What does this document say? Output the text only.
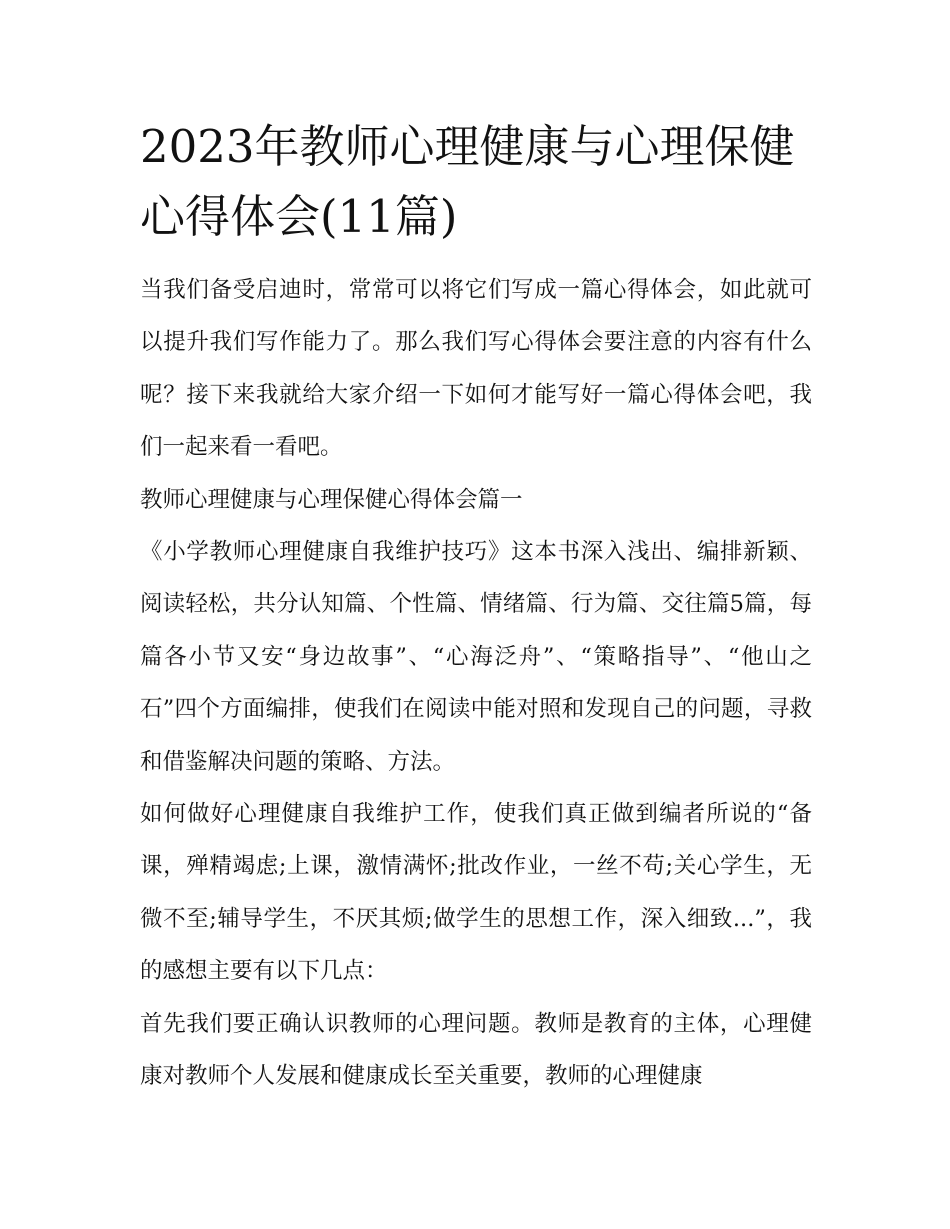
2023年教师心理健康与心理保健心得体会(11篇)

当我们备受启迪时，常常可以将它们写成一篇心得体会，如此就可以提升我们写作能力了。那么我们写心得体会要注意的内容有什么呢？接下来我就给大家介绍一下如何才能写好一篇心得体会吧，我们一起来看一看吧。

教师心理健康与心理保健心得体会篇一

《小学教师心理健康自我维护技巧》这本书深入浅出、编排新颖、阅读轻松，共分认知篇、个性篇、情绪篇、行为篇、交往篇5篇，每篇各小节又安“身边故事”、“心海泛舟”、“策略指导”、“他山之石”四个方面编排，使我们在阅读中能对照和发现自己的问题，寻救和借鉴解决问题的策略、方法。

如何做好心理健康自我维护工作，使我们真正做到编者所说的“备课，殚精竭虑;上课，激情满怀;批改作业，一丝不苟;关心学生，无微不至;辅导学生，不厌其烦;做学生的思想工作，深入细致...”，我的感想主要有以下几点：

首先我们要正确认识教师的心理问题。教师是教育的主体，心理健康对教师个人发展和健康成长至关重要，教师的心理健康
